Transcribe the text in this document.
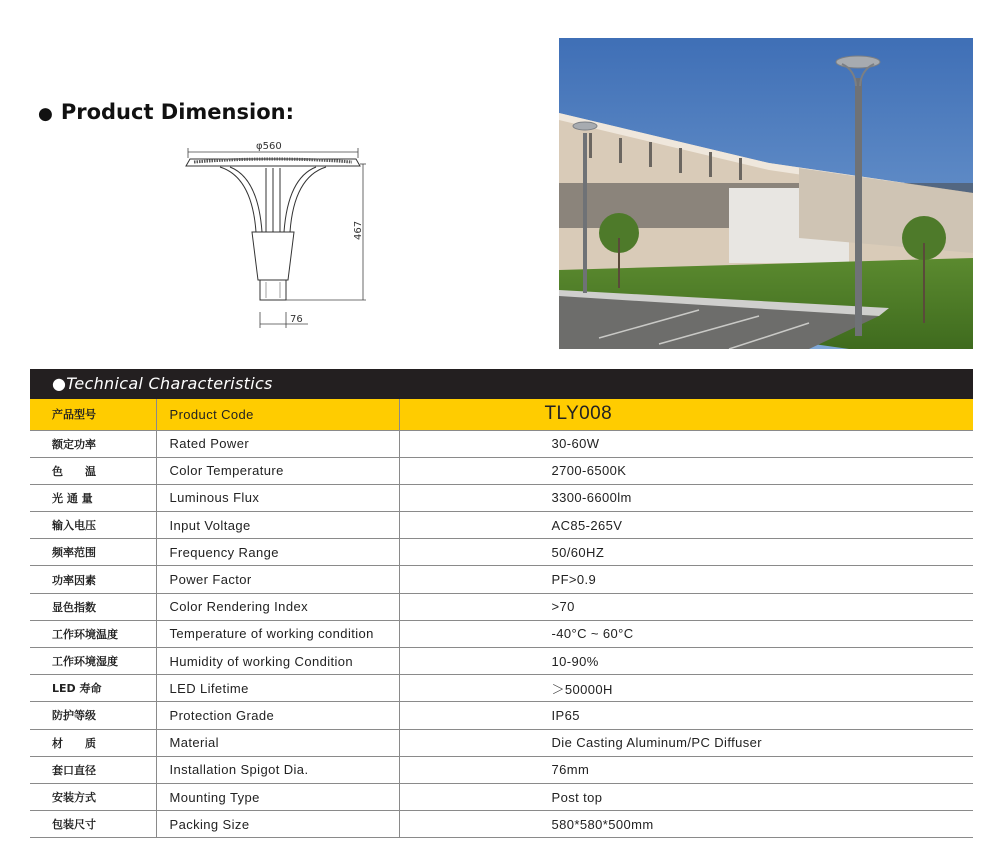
● Product Dimension:
φ560
467
76
●Technical Characteristics
产品型号	Product Code	TLY008
额定功率	Rated Power	30-60W
色　　温	Color Temperature	2700-6500K
光 通 量	Luminous Flux	3300-6600lm
输入电压	Input Voltage	AC85-265V
频率范围	Frequency Range	50/60HZ
功率因素	Power Factor	PF>0.9
显色指数	Color Rendering Index	>70
工作环境温度	Temperature of working condition	-40°C ~ 60°C
工作环境湿度	Humidity of working Condition	10-90%
LED 寿命	LED Lifetime	＞50000H
防护等级	Protection Grade	IP65
材　　质	Material	Die Casting Aluminum/PC Diffuser
套口直径	Installation Spigot Dia.	76mm
安装方式	Mounting Type	Post top
包装尺寸	Packing Size	580*580*500mm
